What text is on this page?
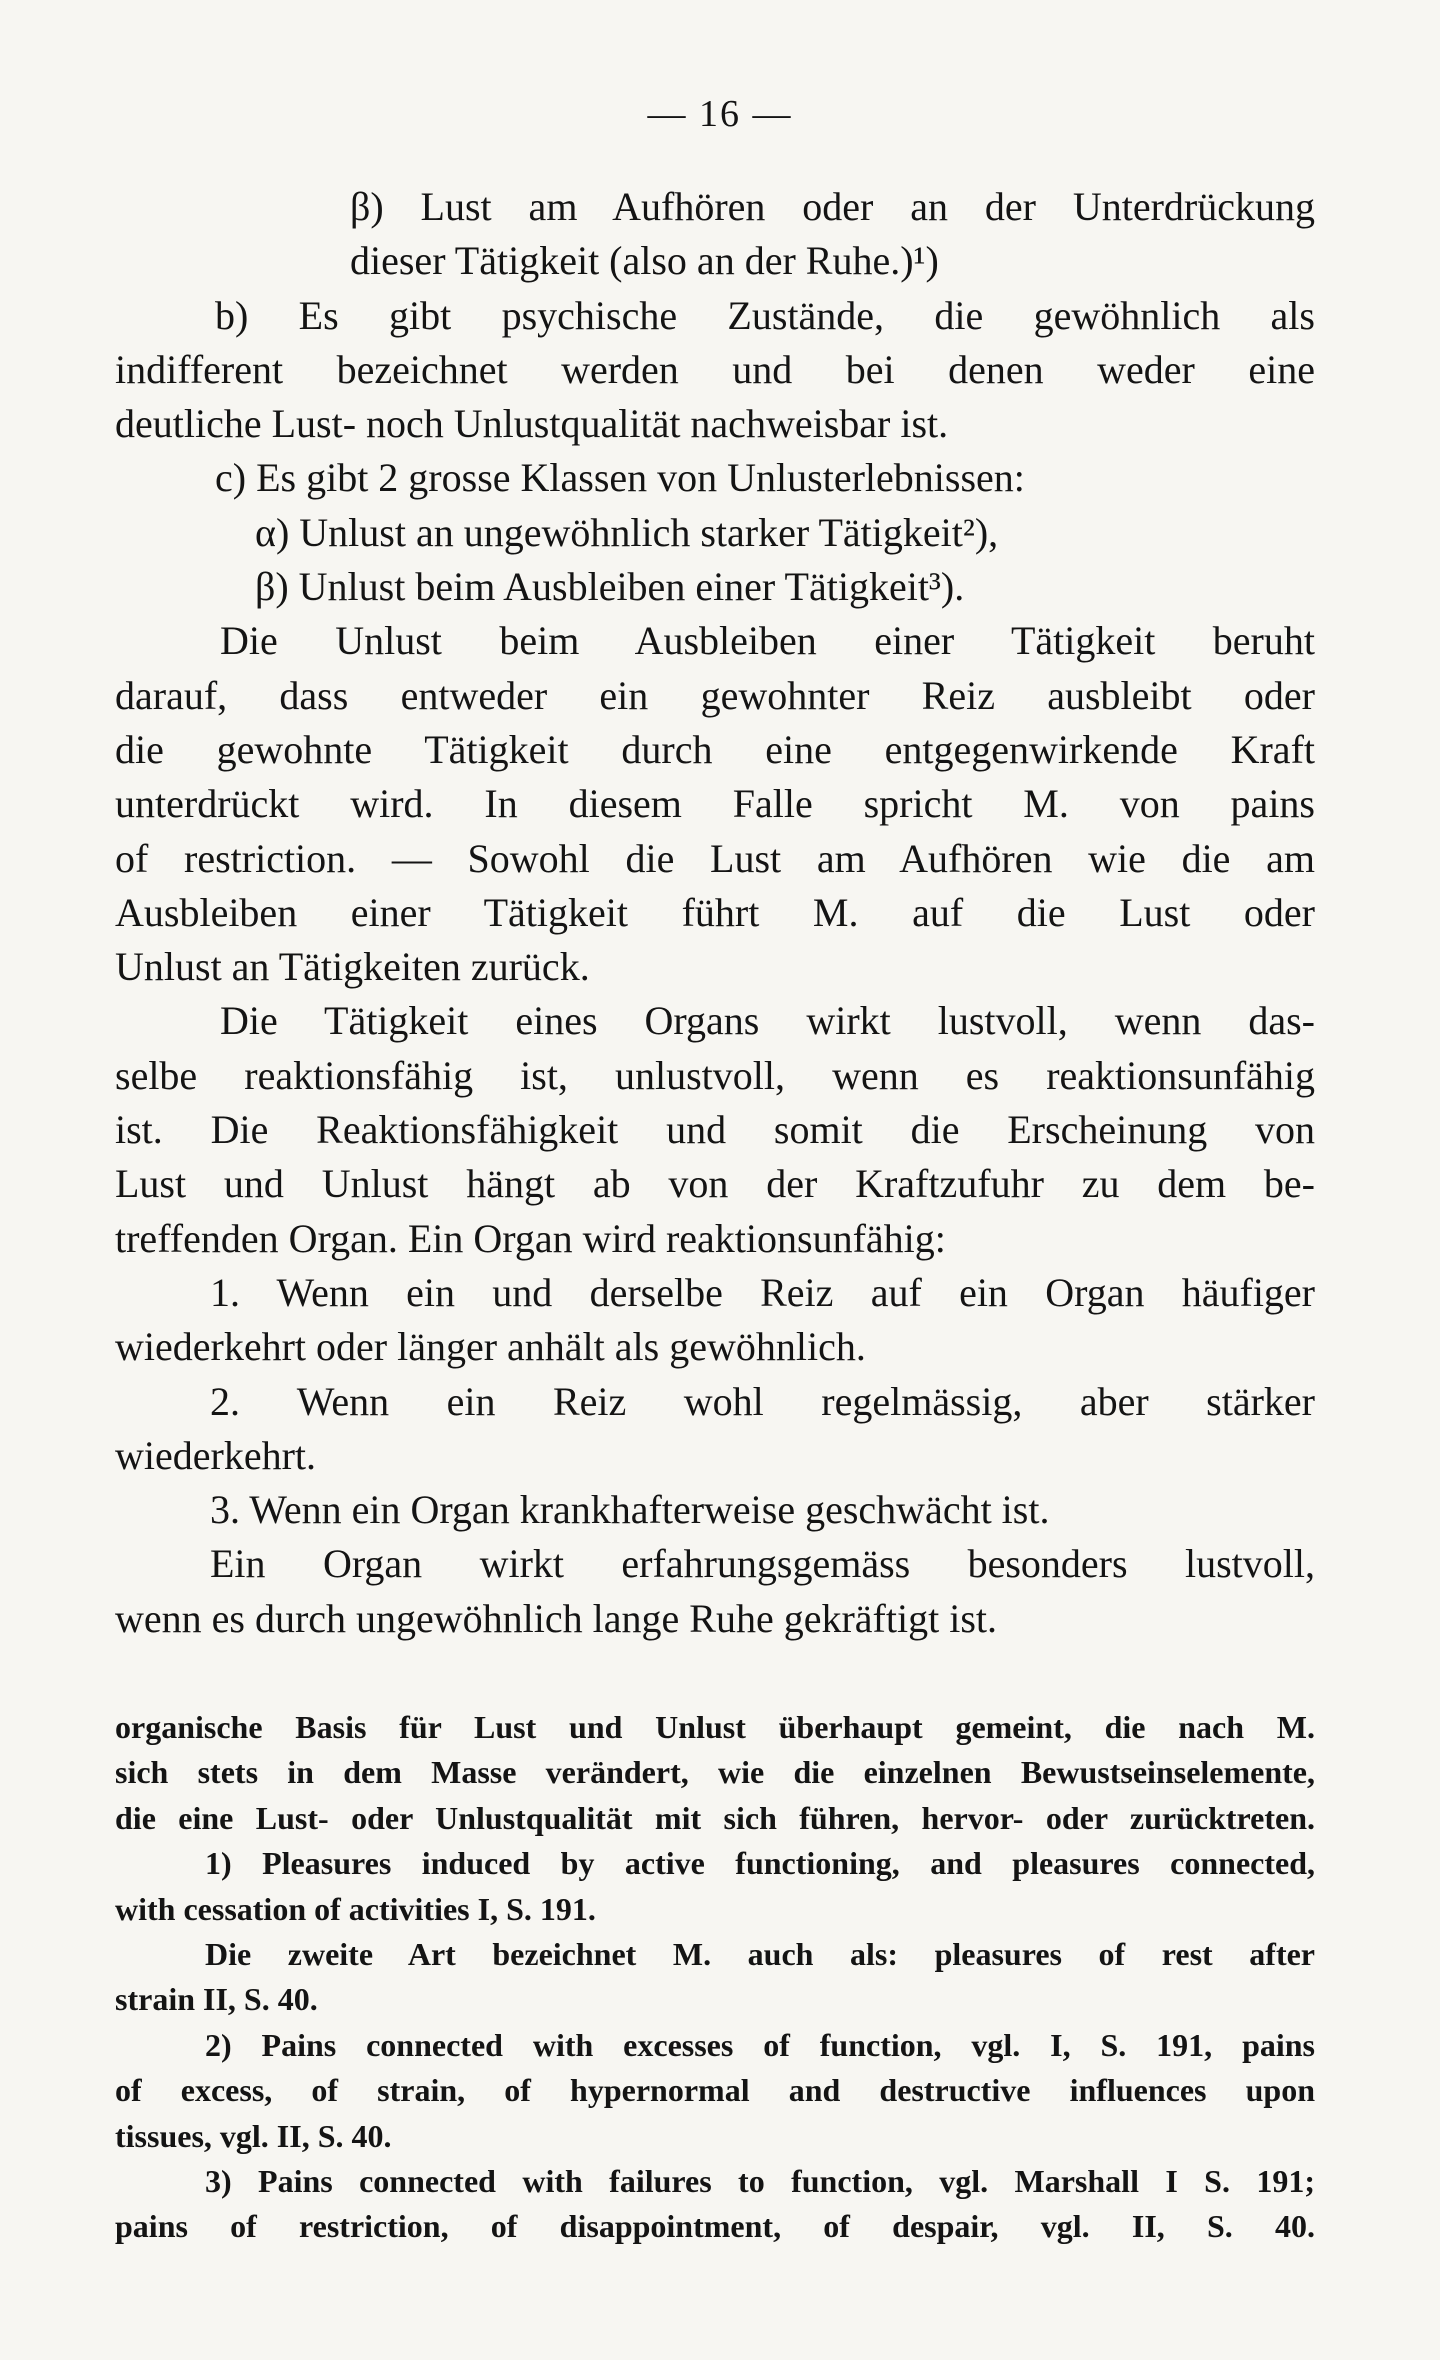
— 16 —
β) Lust am Aufhören oder an der Unterdrückung
dieser Tätigkeit (also an der Ruhe.)¹)
b) Es gibt psychische Zustände, die gewöhnlich als
indifferent bezeichnet werden und bei denen weder eine
deutliche Lust- noch Unlustqualität nachweisbar ist.
c) Es gibt 2 grosse Klassen von Unlusterlebnissen:
α) Unlust an ungewöhnlich starker Tätigkeit²),
β) Unlust beim Ausbleiben einer Tätigkeit³).
Die Unlust beim Ausbleiben einer Tätigkeit beruht
darauf, dass entweder ein gewohnter Reiz ausbleibt oder
die gewohnte Tätigkeit durch eine entgegenwirkende Kraft
unterdrückt wird. In diesem Falle spricht M. von pains
of restriction. — Sowohl die Lust am Aufhören wie die am
Ausbleiben einer Tätigkeit führt M. auf die Lust oder
Unlust an Tätigkeiten zurück.
Die Tätigkeit eines Organs wirkt lustvoll, wenn das-
selbe reaktionsfähig ist, unlustvoll, wenn es reaktionsunfähig
ist. Die Reaktionsfähigkeit und somit die Erscheinung von
Lust und Unlust hängt ab von der Kraftzufuhr zu dem be-
treffenden Organ. Ein Organ wird reaktionsunfähig:
1. Wenn ein und derselbe Reiz auf ein Organ häufiger
wiederkehrt oder länger anhält als gewöhnlich.
2. Wenn ein Reiz wohl regelmässig, aber stärker
wiederkehrt.
3. Wenn ein Organ krankhafterweise geschwächt ist.
Ein Organ wirkt erfahrungsgemäss besonders lustvoll,
wenn es durch ungewöhnlich lange Ruhe gekräftigt ist.
organische Basis für Lust und Unlust überhaupt gemeint, die nach M.
sich stets in dem Masse verändert, wie die einzelnen Bewustseinselemente,
die eine Lust- oder Unlustqualität mit sich führen, hervor- oder zurücktreten.
1) Pleasures induced by active functioning, and pleasures connected,
with cessation of activities I, S. 191.
Die zweite Art bezeichnet M. auch als: pleasures of rest after
strain II, S. 40.
2) Pains connected with excesses of function, vgl. I, S. 191, pains
of excess, of strain, of hypernormal and destructive influences upon
tissues, vgl. II, S. 40.
3) Pains connected with failures to function, vgl. Marshall I S. 191;
pains of restriction, of disappointment, of despair, vgl. II, S. 40.
